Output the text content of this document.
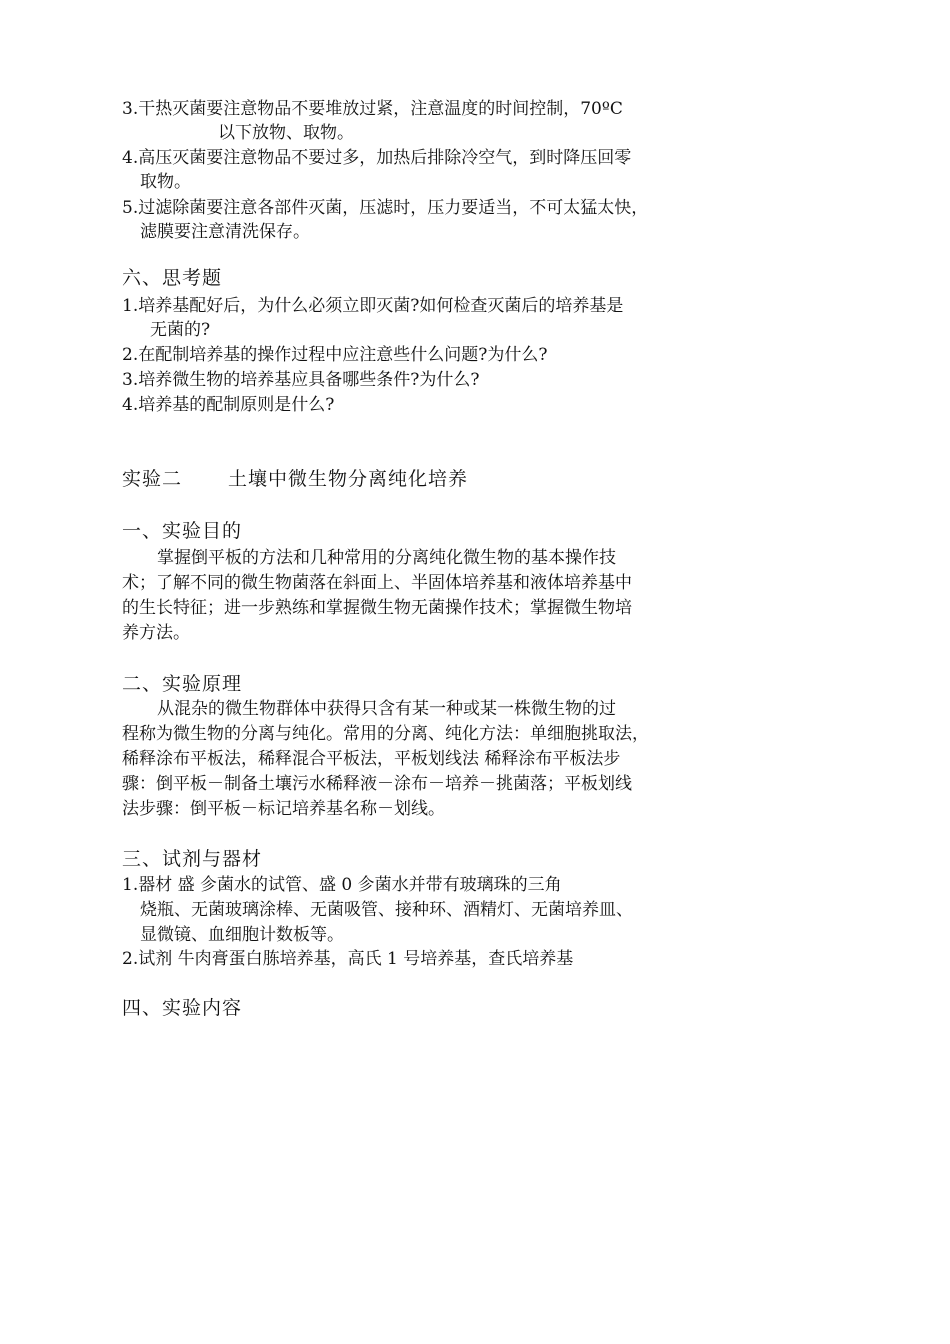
3.干热灭菌要注意物品不要堆放过紧，注意温度的时间控制，70ºC
以下放物、取物。
4.高压灭菌要注意物品不要过多，加热后排除冷空气，到时降压回零
取物。
5.过滤除菌要注意各部件灭菌，压滤时，压力要适当，不可太猛太快，
滤膜要注意清洗保存。
六、思考题
1.培养基配好后，为什么必须立即灭菌?如何检查灭菌后的培养基是
无菌的?
2.在配制培养基的操作过程中应注意些什么问题?为什么?
3.培养微生物的培养基应具备哪些条件?为什么?
4.培养基的配制原则是什么?
实验二 土壤中微生物分离纯化培养
一、实验目的
掌握倒平板的方法和几种常用的分离纯化微生物的基本操作技
术；了解不同的微生物菌落在斜面上、半固体培养基和液体培养基中
的生长特征；进一步熟练和掌握微生物无菌操作技术；掌握微生物培
养方法。
二、实验原理
从混杂的微生物群体中获得只含有某一种或某一株微生物的过
程称为微生物的分离与纯化。常用的分离、纯化方法：单细胞挑取法，
稀释涂布平板法，稀释混合平板法，平板划线法 稀释涂布平板法步
骤：倒平板－制备土壤污水稀释液－涂布－培养－挑菌落；平板划线
法步骤：倒平板－标记培养基名称－划线。
三、试剂与器材
1.器材 盛 㐱菌水的试管、盛 0 㐱菌水并带有玻璃珠的三角
烧瓶、无菌玻璃涂棒、无菌吸管、接种环、酒精灯、无菌培养皿、
显微镜、血细胞计数板等。
2.试剂 牛肉膏蛋白胨培养基，高氏 1 号培养基，查氏培养基
四、实验内容
